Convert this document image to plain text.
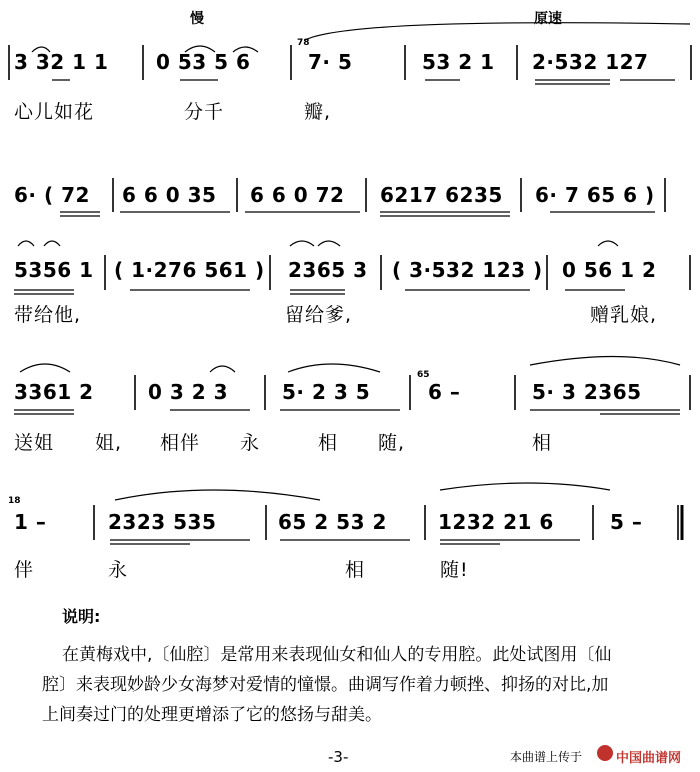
慢	原速
3 32 1 1 0 53 5 6
78
7· 5	53 2 1 2·532 127
心儿如花	分千	瓣,
6· ( 72 6 6 0 35 6 6 0 72 6217 6235 6· 7 65 6 )
5356 1 ( 1·276 561 ) 2365 3 ( 3·532 123 ) 0 56 1 2
带给他,	留给爹,	赠乳娘,
3361 2	0 3 2 3	5· 2 3 5
65
6 –	5· 3 2365
送姐 姐, 相伴 永	相 随,	相
18
1 –	2323 535	65 2 53 2	1232 21 6	5 –
伴	永	相	随!
说明:
在黄梅戏中,〔仙腔〕是常用来表现仙女和仙人的专用腔。此处试图用〔仙
腔〕来表现妙龄少女海梦对爱情的憧憬。曲调写作着力顿挫、抑扬的对比,加
上间奏过门的处理更增添了它的悠扬与甜美。
-3-	本曲谱上传于	中国曲谱网
